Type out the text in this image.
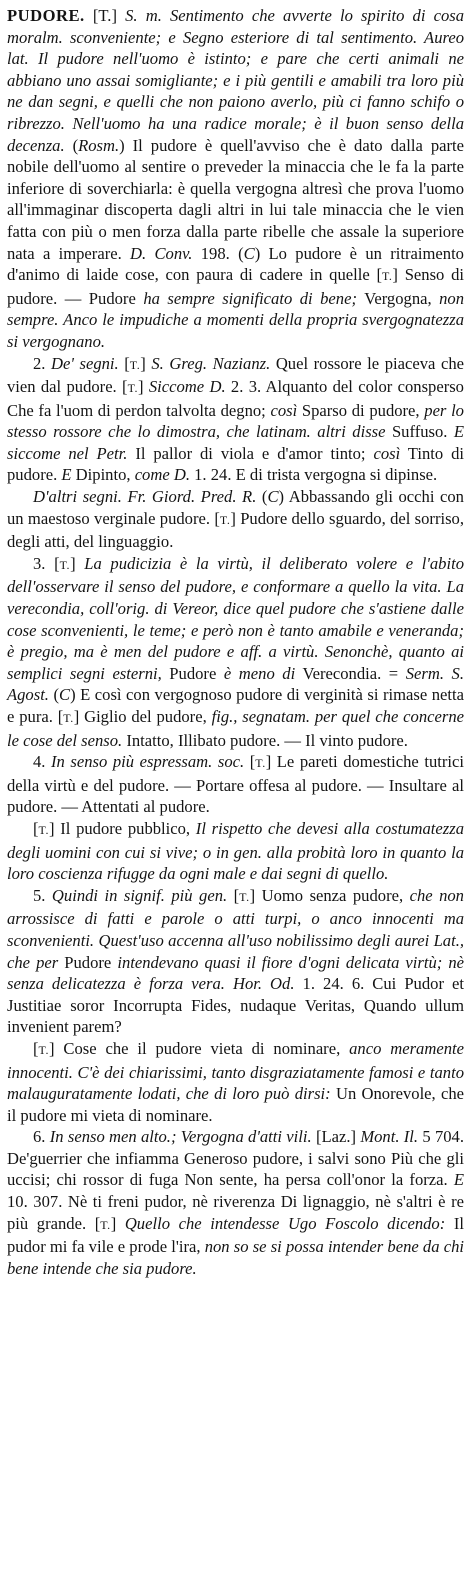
PUDORE. [T.] S. m. Sentimento che avverte lo spirito di cosa moralm. sconveniente; e Segno esteriore di tal sentimento. Aureo lat. Il pudore nell'uomo è istinto; e pare che certi animali ne abbiano uno assai somigliante; e i più gentili e amabili tra loro più ne dan segni, e quelli che non paiono averlo, più ci fanno schifo o ribrezzo. Nell'uomo ha una radice morale; è il buon senso della decenza. (Rosm.) Il pudore è quell'avviso che è dato dalla parte nobile dell'uomo al sentire o preveder la minaccia che le fa la parte inferiore di soverchiarla: è quella vergogna altresì che prova l'uomo all'immaginar discoperta dagli altri in lui tale minaccia che le vien fatta con più o men forza dalla parte ribelle che assale la superiore nata a imperare. D. Conv. 198. (C) Lo pudore è un ritraimento d'animo di laide cose, con paura di cadere in quelle [T.] Senso di pudore. — Pudore ha sempre significato di bene; Vergogna, non sempre. Anco le impudiche a momenti della propria svergognatezza si vergognano.

2. De' segni. [T.] S. Greg. Nazianz. Quel rossore le piaceva che vien dal pudore. [T.] Siccome D. 2. 3. Alquanto del color consperso Che fa l'uom di perdon talvolta degno; così Sparso di pudore, per lo stesso rossore che lo dimostra, che latinam. altri disse Suffuso. E siccome nel Petr. Il pallor di viola e d'amor tinto; così Tinto di pudore. E Dipinto, come D. 1. 24. E di trista vergogna si dipinse.

D'altri segni. Fr. Giord. Pred. R. (C) Abbassando gli occhi con un maestoso verginale pudore. [T.] Pudore dello sguardo, del sorriso, degli atti, del linguaggio.

3. [T.] La pudicizia è la virtù, il deliberato volere e l'abito dell'osservare il senso del pudore, e conformare a quello la vita. La verecondia, coll'orig. di Vereor, dice quel pudore che s'astiene dalle cose sconvenienti, le teme; e però non è tanto amabile e veneranda; è pregio, ma è men del pudore e aff. a virtù. Senonchè, quanto ai semplici segni esterni, Pudore è meno di Verecondia. = Serm. S. Agost. (C) E così con vergognoso pudore di verginità si rimase netta e pura. [T.] Giglio del pudore, fig., segnatam. per quel che concerne le cose del senso. Intatto, Illibato pudore. — Il vinto pudore.

4. In senso più espressam. soc. [T.] Le pareti domestiche tutrici della virtù e del pudore. — Portare offesa al pudore. — Insultare al pudore. — Attentati al pudore.

[T.] Il pudore pubblico, Il rispetto che devesi alla costumatezza degli uomini con cui si vive; o in gen. alla probità loro in quanto la loro coscienza rifugge da ogni male e dai segni di quello.

5. Quindi in signif. più gen. [T.] Uomo senza pudore, che non arrossisce di fatti e parole o atti turpi, o anco innocenti ma sconvenienti. Quest'uso accenna all'uso nobilissimo degli aurei Lat., che per Pudore intendevano quasi il fiore d'ogni delicata virtù; nè senza delicatezza è forza vera. Hor. Od. 1. 24. 6. Cui Pudor et Justitiae soror Incorrupta Fides, nudaque Veritas, Quando ullum invenient parem?

[T.] Cose che il pudore vieta di nominare, anco meramente innocenti. C'è dei chiarissimi, tanto disgraziatamente famosi e tanto malauguratamente lodati, che di loro può dirsi: Un Onorevole, che il pudore mi vieta di nominare.

6. In senso men alto.; Vergogna d'atti vili. [Laz.] Mont. Il. 5 704. De'guerrier che infiamma Generoso pudore, i salvi sono Più che gli uccisi; chi rossor di fuga Non sente, ha persa coll'onor la forza. E 10. 307. Nè ti freni pudor, nè riverenza Di lignaggio, nè s'altri è re più grande. [T.] Quello che intendesse Ugo Foscolo dicendo: Il pudor mi fa vile e prode l'ira, non so se si possa intender bene da chi bene intende che sia pudore.
